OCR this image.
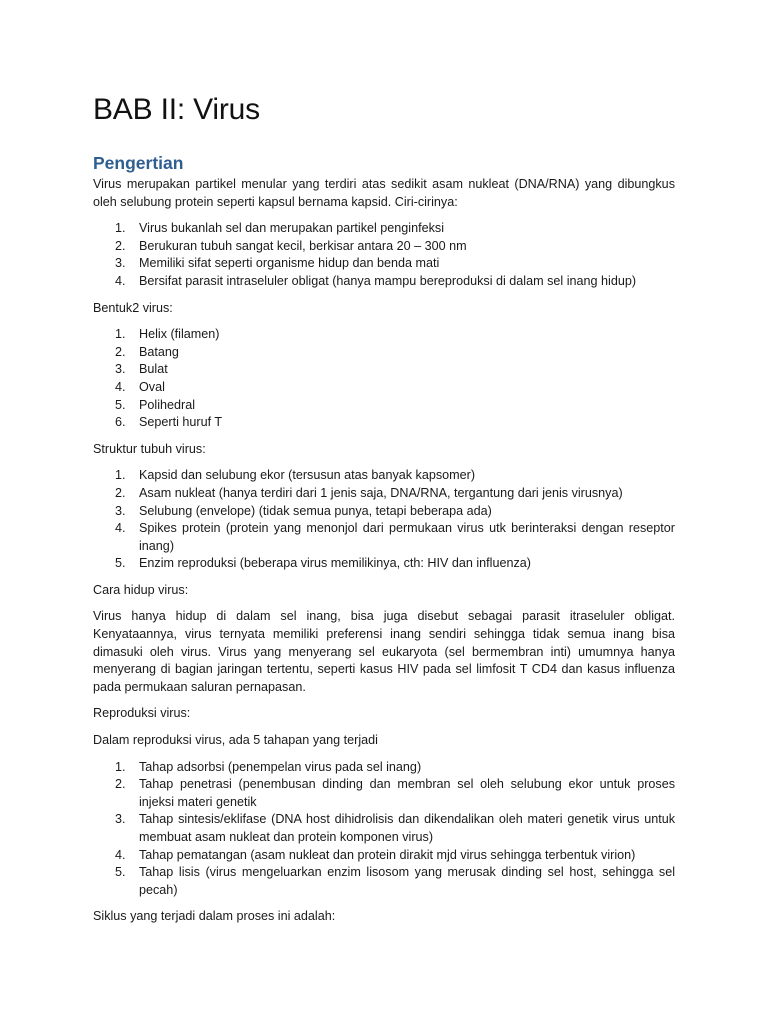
BAB II: Virus
Pengertian

Virus merupakan partikel menular yang terdiri atas sedikit asam nukleat (DNA/RNA) yang dibungkus oleh selubung protein seperti kapsul bernama kapsid. Ciri-cirinya:

1. Virus bukanlah sel dan merupakan partikel penginfeksi
2. Berukuran tubuh sangat kecil, berkisar antara 20 – 300 nm
3. Memiliki sifat seperti organisme hidup dan benda mati
4. Bersifat parasit intraseluler obligat (hanya mampu bereproduksi di dalam sel inang hidup)

Bentuk2 virus:

1. Helix (filamen)
2. Batang
3. Bulat
4. Oval
5. Polihedral
6. Seperti huruf T

Struktur tubuh virus:

1. Kapsid dan selubung ekor (tersusun atas banyak kapsomer)
2. Asam nukleat (hanya terdiri dari 1 jenis saja, DNA/RNA, tergantung dari jenis virusnya)
3. Selubung (envelope) (tidak semua punya, tetapi beberapa ada)
4. Spikes protein (protein yang menonjol dari permukaan virus utk berinteraksi dengan reseptor inang)
5. Enzim reproduksi (beberapa virus memilikinya, cth: HIV dan influenza)

Cara hidup virus:

Virus hanya hidup di dalam sel inang, bisa juga disebut sebagai parasit itraseluler obligat. Kenyataannya, virus ternyata memiliki preferensi inang sendiri sehingga tidak semua inang bisa dimasuki oleh virus. Virus yang menyerang sel eukaryota (sel bermembran inti) umumnya hanya menyerang di bagian jaringan tertentu, seperti kasus HIV pada sel limfosit T CD4 dan kasus influenza pada permukaan saluran pernapasan.

Reproduksi virus:

Dalam reproduksi virus, ada 5 tahapan yang terjadi

1. Tahap adsorbsi (penempelan virus pada sel inang)
2. Tahap penetrasi (penembusan dinding dan membran sel oleh selubung ekor untuk proses injeksi materi genetik
3. Tahap sintesis/eklifase (DNA host dihidrolisis dan dikendalikan oleh materi genetik virus untuk membuat asam nukleat dan protein komponen virus)
4. Tahap pematangan (asam nukleat dan protein dirakit mjd virus sehingga terbentuk virion)
5. Tahap lisis (virus mengeluarkan enzim lisosom yang merusak dinding sel host, sehingga sel pecah)

Siklus yang terjadi dalam proses ini adalah:
